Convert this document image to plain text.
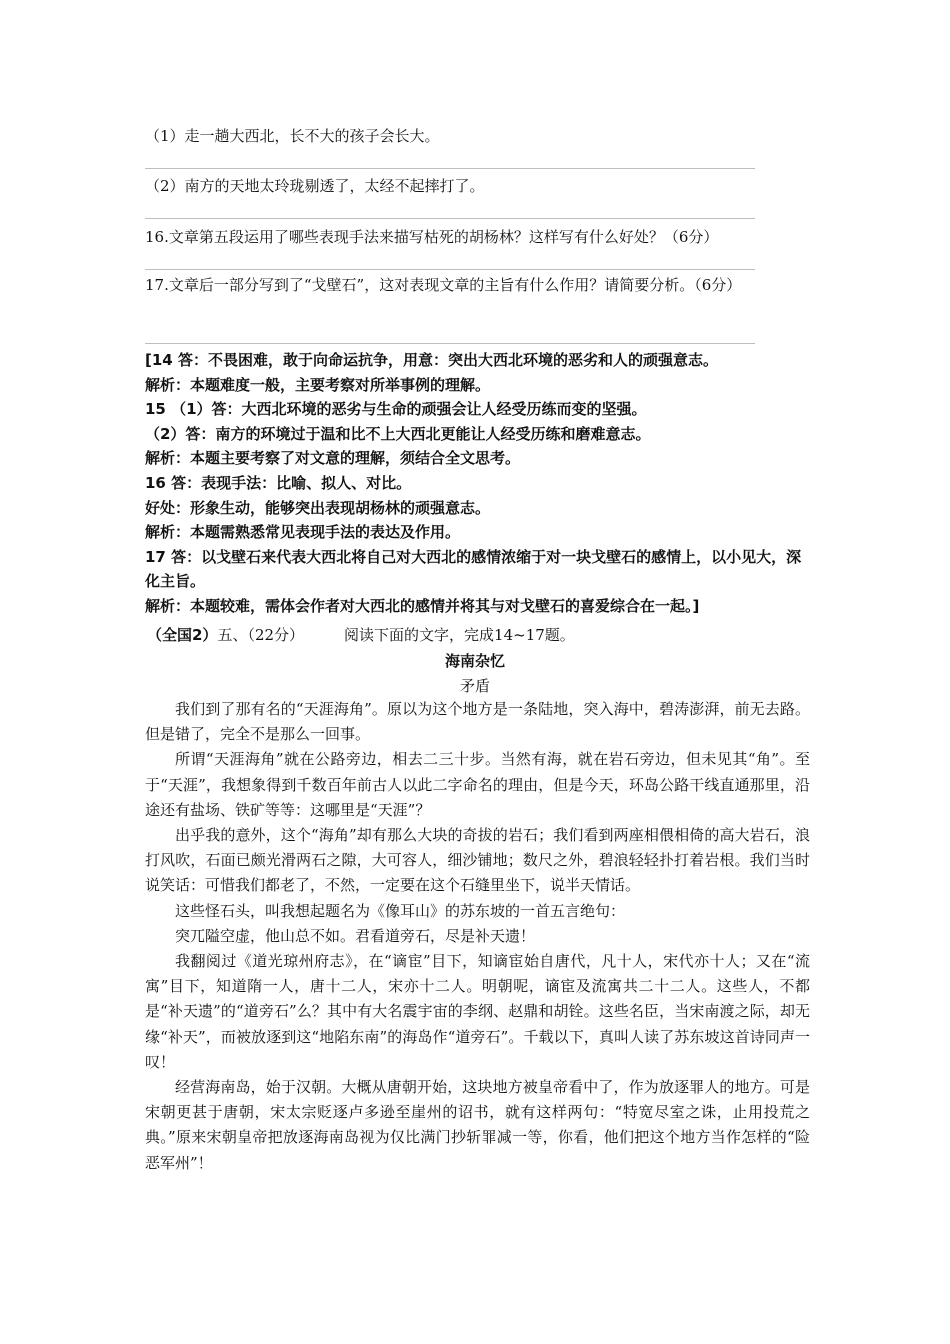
（1）走一趟大西北，长不大的孩子会长大。

（2）南方的天地太玲珑剔透了，太经不起摔打了。

16.文章第五段运用了哪些表现手法来描写枯死的胡杨林？这样写有什么好处？（6分）

17.文章后一部分写到了“戈壁石”，这对表现文章的主旨有什么作用？请简要分析。（6分）

[14 答：不畏困难，敢于向命运抗争，用意：突出大西北环境的恶劣和人的顽强意志。

解析：本题难度一般，主要考察对所举事例的理解。

15 （1）答：大西北环境的恶劣与生命的顽强会让人经受历练而变的坚强。

（2）答：南方的环境过于温和比不上大西北更能让人经受历练和磨难意志。

解析：本题主要考察了对文意的理解，须结合全文思考。

16 答：表现手法：比喻、拟人、对比。

好处：形象生动，能够突出表现胡杨林的顽强意志。

解析：本题需熟悉常见表现手法的表达及作用。

17 答：以戈壁石来代表大西北将自己对大西北的感情浓缩于对一块戈壁石的感情上，以小见大，深化主旨。

解析：本题较难，需体会作者对大西北的感情并将其与对戈壁石的喜爱综合在一起。]

（全国2）五、（22分）	阅读下面的文字，完成14~17题。
海南杂忆
矛盾

我们到了那有名的“天涯海角”。原以为这个地方是一条陆地，突入海中，碧涛澎湃，前无去路。但是错了，完全不是那么一回事。

所谓“天涯海角”就在公路旁边，相去二三十步。当然有海，就在岩石旁边，但未见其“角”。至于“天涯”，我想象得到千数百年前古人以此二字命名的理由，但是今天，环岛公路干线直通那里，沿途还有盐场、铁矿等等：这哪里是“天涯”？

出乎我的意外，这个“海角”却有那么大块的奇拔的岩石；我们看到两座相偎相倚的高大岩石，浪打风吹，石面已颇光滑两石之隙，大可容人，细沙铺地；数尺之外，碧浪轻轻扑打着岩根。我们当时说笑话：可惜我们都老了，不然，一定要在这个石缝里坐下，说半天情话。

这些怪石头，叫我想起题名为《像耳山》的苏东坡的一首五言绝句：

突兀隘空虚，他山总不如。君看道旁石，尽是补天遗！

我翻阅过《道光琼州府志》，在“谪宦”目下，知谪宦始自唐代，凡十人，宋代亦十人；又在“流寓”目下，知道隋一人，唐十二人，宋亦十二人。明朝呢，谪宦及流寓共二十二人。这些人，不都是“补天遗”的“道旁石”么？其中有大名震宇宙的李纲、赵鼎和胡铨。这些名臣，当宋南渡之际，却无缘“补天”，而被放逐到这“地陷东南”的海岛作“道旁石”。千载以下，真叫人读了苏东坡这首诗同声一叹！

经营海南岛，始于汉朝。大概从唐朝开始，这块地方被皇帝看中了，作为放逐罪人的地方。可是宋朝更甚于唐朝，宋太宗贬逐卢多逊至崖州的诏书，就有这样两句：“特宽尽室之诛，止用投荒之典。”原来宋朝皇帝把放逐海南岛视为仅比满门抄斩罪减一等，你看，他们把这个地方当作怎样的“险恶军州”！
